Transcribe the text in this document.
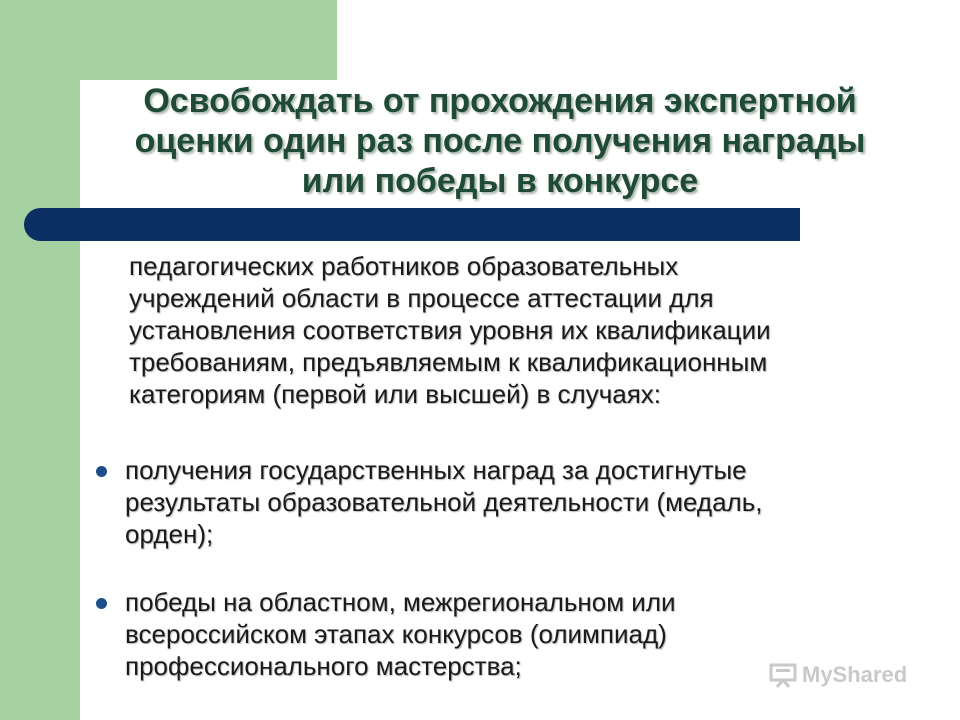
Освобождать от прохождения экспертной
оценки один раз после получения награды
или победы в конкурсе
педагогических работников образовательных
учреждений области в процессе аттестации для
установления соответствия уровня их квалификации
требованиям, предъявляемым к квалификационным
категориям (первой или высшей) в случаях:
получения государственных наград за достигнутые
результаты образовательной деятельности (медаль,
орден);
победы на областном, межрегиональном или
всероссийском этапах конкурсов (олимпиад)
профессионального мастерства;	MyShared
